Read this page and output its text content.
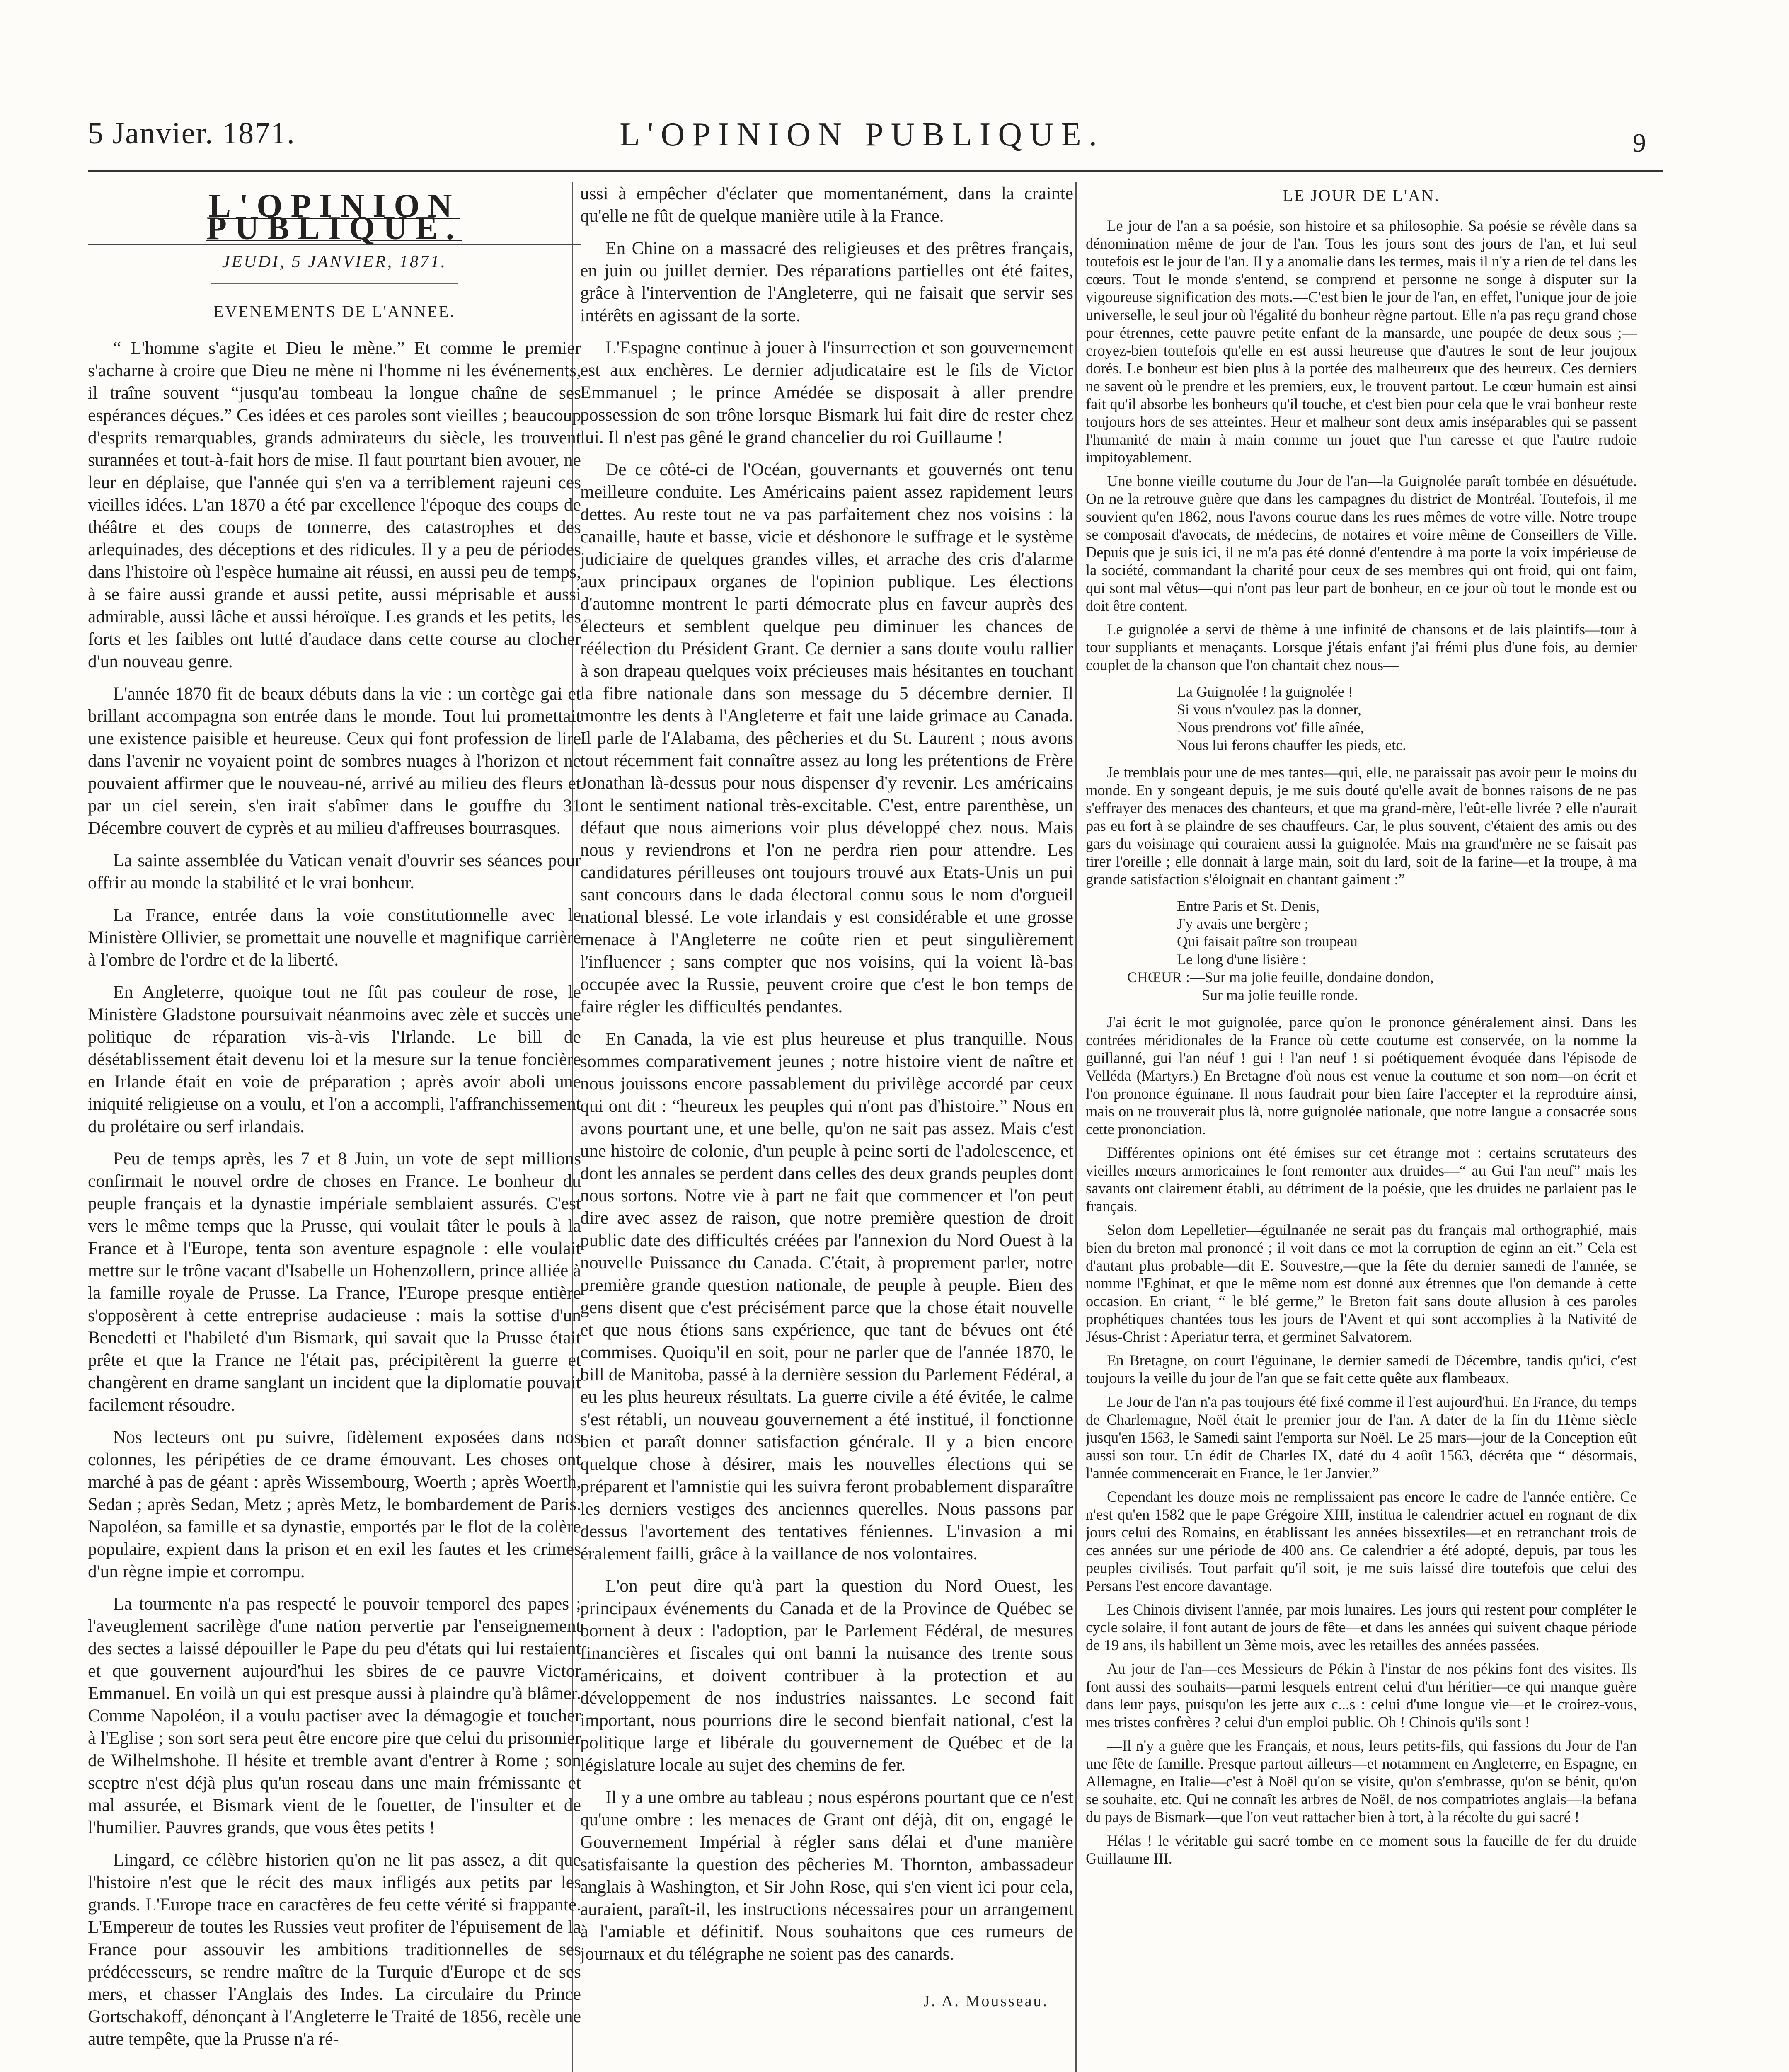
5 Janvier. 1871.	L'OPINION PUBLIQUE.	9
L'OPINION PUBLIQUE.
JEUDI, 5 JANVIER, 1871.
EVENEMENTS DE L'ANNEE.

“ L'homme s'agite et Dieu le mène.” Et comme le premier s'acharne à croire que Dieu ne mène ni l'homme ni les événements, il traîne souvent “jusqu'au tombeau la longue chaîne de ses espérances déçues.” Ces idées et ces paroles sont vieilles ; beaucoup d'esprits remarquables, grands admirateurs du siècle, les trouvent surannées et tout-à-fait hors de mise. Il faut pourtant bien avouer, ne leur en déplaise, que l'année qui s'en va a terriblement rajeuni ces vieilles idées. L'an 1870 a été par excellence l'époque des coups de théâtre et des coups de tonnerre, des catastrophes et des arlequinades, des déceptions et des ridicules. Il y a peu de périodes dans l'histoire où l'espèce humaine ait réussi, en aussi peu de temps, à se faire aussi grande et aussi petite, aussi méprisable et aussi admirable, aussi lâche et aussi héroïque. Les grands et les petits, les forts et les faibles ont lutté d'audace dans cette course au clocher d'un nouveau genre.

L'année 1870 fit de beaux débuts dans la vie : un cortège gai et brillant accompagna son entrée dans le monde. Tout lui promettait une existence paisible et heureuse. Ceux qui font profession de lire dans l'avenir ne voyaient point de sombres nuages à l'horizon et ne pouvaient affirmer que le nouveau-né, arrivé au milieu des fleurs et par un ciel serein, s'en irait s'abîmer dans le gouffre du 31 Décembre couvert de cyprès et au milieu d'affreuses bourrasques.

La sainte assemblée du Vatican venait d'ouvrir ses séances pour offrir au monde la stabilité et le vrai bonheur.

La France, entrée dans la voie constitutionnelle avec le Ministère Ollivier, se promettait une nouvelle et magnifique carrière à l'ombre de l'ordre et de la liberté.

En Angleterre, quoique tout ne fût pas couleur de rose, le Ministère Gladstone poursuivait néanmoins avec zèle et succès une politique de réparation vis-à-vis l'Irlande. Le bill de désétablissement était devenu loi et la mesure sur la tenue foncière en Irlande était en voie de préparation ; après avoir aboli une iniquité religieuse on a voulu, et l'on a accompli, l'affranchissement du prolétaire ou serf irlandais.

Peu de temps après, les 7 et 8 Juin, un vote de sept millions confirmait le nouvel ordre de choses en France. Le bonheur du peuple français et la dynastie impériale semblaient assurés. C'est vers le même temps que la Prusse, qui voulait tâter le pouls à la France et à l'Europe, tenta son aventure espagnole : elle voulait mettre sur le trône vacant d'Isabelle un Hohenzollern, prince alliée à la famille royale de Prusse. La France, l'Europe presque entière s'opposèrent à cette entreprise audacieuse : mais la sottise d'un Benedetti et l'habileté d'un Bismark, qui savait que la Prusse était prête et que la France ne l'était pas, précipitèrent la guerre et changèrent en drame sanglant un incident que la diplomatie pouvait facilement résoudre.

Nos lecteurs ont pu suivre, fidèlement exposées dans nos colonnes, les péripéties de ce drame émouvant. Les choses ont marché à pas de géant : après Wissembourg, Woerth ; après Woerth, Sedan ; après Sedan, Metz ; après Metz, le bombardement de Paris. Napoléon, sa famille et sa dynastie, emportés par le flot de la colère populaire, expient dans la prison et en exil les fautes et les crimes d'un règne impie et corrompu.

La tourmente n'a pas respecté le pouvoir temporel des papes ; l'aveuglement sacrilège d'une nation pervertie par l'enseignement des sectes a laissé dépouiller le Pape du peu d'états qui lui restaient et que gouvernent aujourd'hui les sbires de ce pauvre Victor Emmanuel. En voilà un qui est presque aussi à plaindre qu'à blâmer. Comme Napoléon, il a voulu pactiser avec la démagogie et toucher à l'Eglise ; son sort sera peut être encore pire que celui du prisonnier de Wilhelmshohe. Il hésite et tremble avant d'entrer à Rome ; son sceptre n'est déjà plus qu'un roseau dans une main frémissante et mal assurée, et Bismark vient de le fouetter, de l'insulter et de l'humilier. Pauvres grands, que vous êtes petits !

Lingard, ce célèbre historien qu'on ne lit pas assez, a dit que l'histoire n'est que le récit des maux infligés aux petits par les grands. L'Europe trace en caractères de feu cette vérité si frappante. L'Empereur de toutes les Russies veut profiter de l'épuisement de la France pour assouvir les ambitions traditionnelles de ses prédécesseurs, se rendre maître de la Turquie d'Europe et de ses mers, et chasser l'Anglais des Indes. La circulaire du Prince Gortschakoff, dénonçant à l'Angleterre le Traité de 1856, recèle une autre tempête, que la Prusse n'a ré-

ussi à empêcher d'éclater que momentanément, dans la crainte qu'elle ne fût de quelque manière utile à la France.

En Chine on a massacré des religieuses et des prêtres français, en juin ou juillet dernier. Des réparations partielles ont été faites, grâce à l'intervention de l'Angleterre, qui ne faisait que servir ses intérêts en agissant de la sorte.

L'Espagne continue à jouer à l'insurrection et son gouvernement est aux enchères. Le dernier adjudicataire est le fils de Victor Emmanuel ; le prince Amédée se disposait à aller prendre possession de son trône lorsque Bismark lui fait dire de rester chez lui. Il n'est pas gêné le grand chancelier du roi Guillaume !

De ce côté-ci de l'Océan, gouvernants et gouvernés ont tenu meilleure conduite. Les Américains paient assez rapidement leurs dettes. Au reste tout ne va pas parfaitement chez nos voisins : la canaille, haute et basse, vicie et déshonore le suffrage et le système judiciaire de quelques grandes villes, et arrache des cris d'alarme aux principaux organes de l'opinion publique. Les élections d'automne montrent le parti démocrate plus en faveur auprès des électeurs et semblent quelque peu diminuer les chances de réélection du Président Grant. Ce dernier a sans doute voulu rallier à son drapeau quelques voix précieuses mais hésitantes en touchant la fibre nationale dans son message du 5 décembre dernier. Il montre les dents à l'Angleterre et fait une laide grimace au Canada. Il parle de l'Alabama, des pêcheries et du St. Laurent ; nous avons tout récemment fait connaître assez au long les prétentions de Frère Jonathan là-dessus pour nous dispenser d'y revenir. Les américains ont le sentiment national très-excitable. C'est, entre parenthèse, un défaut que nous aimerions voir plus développé chez nous. Mais nous y reviendrons et l'on ne perdra rien pour attendre. Les candidatures périlleuses ont toujours trouvé aux Etats-Unis un pui sant concours dans le dada électoral connu sous le nom d'orgueil national blessé. Le vote irlandais y est considérable et une grosse menace à l'Angleterre ne coûte rien et peut singulièrement l'influencer ; sans compter que nos voisins, qui la voient là-bas occupée avec la Russie, peuvent croire que c'est le bon temps de faire régler les difficultés pendantes.

En Canada, la vie est plus heureuse et plus tranquille. Nous sommes comparativement jeunes ; notre histoire vient de naître et nous jouissons encore passablement du privilège accordé par ceux qui ont dit : “heureux les peuples qui n'ont pas d'histoire.” Nous en avons pourtant une, et une belle, qu'on ne sait pas assez. Mais c'est une histoire de colonie, d'un peuple à peine sorti de l'adolescence, et dont les annales se perdent dans celles des deux grands peuples dont nous sortons. Notre vie à part ne fait que commencer et l'on peut dire avec assez de raison, que notre première question de droit public date des difficultés créées par l'annexion du Nord Ouest à la nouvelle Puissance du Canada. C'était, à proprement parler, notre première grande question nationale, de peuple à peuple. Bien des gens disent que c'est précisément parce que la chose était nouvelle et que nous étions sans expérience, que tant de bévues ont été commises. Quoiqu'il en soit, pour ne parler que de l'année 1870, le bill de Manitoba, passé à la dernière session du Parlement Fédéral, a eu les plus heureux résultats. La guerre civile a été évitée, le calme s'est rétabli, un nouveau gouvernement a été institué, il fonctionne bien et paraît donner satisfaction générale. Il y a bien encore quelque chose à désirer, mais les nouvelles élections qui se préparent et l'amnistie qui les suivra feront probablement disparaître les derniers vestiges des anciennes querelles. Nous passons par dessus l'avortement des tentatives féniennes. L'invasion a mi éralement failli, grâce à la vaillance de nos volontaires.

L'on peut dire qu'à part la question du Nord Ouest, les principaux événements du Canada et de la Province de Québec se bornent à deux : l'adoption, par le Parlement Fédéral, de mesures financières et fiscales qui ont banni la nuisance des trente sous américains, et doivent contribuer à la protection et au développement de nos industries naissantes. Le second fait important, nous pourrions dire le second bienfait national, c'est la politique large et libérale du gouvernement de Québec et de la législature locale au sujet des chemins de fer.

Il y a une ombre au tableau ; nous espérons pourtant que ce n'est qu'une ombre : les menaces de Grant ont déjà, dit on, engagé le Gouvernement Impérial à régler sans délai et d'une manière satisfaisante la question des pêcheries M. Thornton, ambassadeur anglais à Washington, et Sir John Rose, qui s'en vient ici pour cela, auraient, paraît-il, les instructions nécessaires pour un arrangement à l'amiable et définitif. Nous souhaitons que ces rumeurs de journaux et du télégraphe ne soient pas des canards.

J. A. Mousseau.
LE JOUR DE L'AN.

Le jour de l'an a sa poésie, son histoire et sa philosophie. Sa poésie se révèle dans sa dénomination même de jour de l'an. Tous les jours sont des jours de l'an, et lui seul toutefois est le jour de l'an. Il y a anomalie dans les termes, mais il n'y a rien de tel dans les cœurs. Tout le monde s'entend, se comprend et personne ne songe à disputer sur la vigoureuse signification des mots.—C'est bien le jour de l'an, en effet, l'unique jour de joie universelle, le seul jour où l'égalité du bonheur règne partout. Elle n'a pas reçu grand chose pour étrennes, cette pauvre petite enfant de la mansarde, une poupée de deux sous ;—croyez-bien toutefois qu'elle en est aussi heureuse que d'autres le sont de leur joujoux dorés. Le bonheur est bien plus à la portée des malheureux que des heureux. Ces derniers ne savent où le prendre et les premiers, eux, le trouvent partout. Le cœur humain est ainsi fait qu'il absorbe les bonheurs qu'il touche, et c'est bien pour cela que le vrai bonheur reste toujours hors de ses atteintes. Heur et malheur sont deux amis inséparables qui se passent l'humanité de main à main comme un jouet que l'un caresse et que l'autre rudoie impitoyablement.

Une bonne vieille coutume du Jour de l'an—la Guignolée paraît tombée en désuétude. On ne la retrouve guère que dans les campagnes du district de Montréal. Toutefois, il me souvient qu'en 1862, nous l'avons courue dans les rues mêmes de votre ville. Notre troupe se composait d'avocats, de médecins, de notaires et voire même de Conseillers de Ville. Depuis que je suis ici, il ne m'a pas été donné d'entendre à ma porte la voix impérieuse de la société, commandant la charité pour ceux de ses membres qui ont froid, qui ont faim, qui sont mal vêtus—qui n'ont pas leur part de bonheur, en ce jour où tout le monde est ou doit être content.

Le guignolée a servi de thème à une infinité de chansons et de lais plaintifs—tour à tour suppliants et menaçants. Lorsque j'étais enfant j'ai frémi plus d'une fois, au dernier couplet de la chanson que l'on chantait chez nous—

La Guignolée ! la guignolée !
Si vous n'voulez pas la donner,
Nous prendrons vot' fille aînée,
Nous lui ferons chauffer les pieds, etc.

Je tremblais pour une de mes tantes—qui, elle, ne paraissait pas avoir peur le moins du monde. En y songeant depuis, je me suis douté qu'elle avait de bonnes raisons de ne pas s'effrayer des menaces des chanteurs, et que ma grand-mère, l'eût-elle livrée ? elle n'aurait pas eu fort à se plaindre de ses chauffeurs. Car, le plus souvent, c'étaient des amis ou des gars du voisinage qui couraient aussi la guignolée. Mais ma grand'mère ne se faisait pas tirer l'oreille ; elle donnait à large main, soit du lard, soit de la farine—et la troupe, à ma grande satisfaction s'éloignait en chantant gaiment :”

Entre Paris et St. Denis,
J'y avais une bergère ;
Qui faisait paître son troupeau
Le long d'une lisière :
CHŒUR :—Sur ma jolie feuille, dondaine dondon,
Sur ma jolie feuille ronde.

J'ai écrit le mot guignolée, parce qu'on le prononce généralement ainsi. Dans les contrées méridionales de la France où cette coutume est conservée, on la nomme la guillanné, gui l'an néuf ! gui ! l'an neuf ! si poétiquement évoquée dans l'épisode de Velléda (Martyrs.) En Bretagne d'où nous est venue la coutume et son nom—on écrit et l'on prononce éguinane. Il nous faudrait pour bien faire l'accepter et la reproduire ainsi, mais on ne trouverait plus là, notre guignolée nationale, que notre langue a consacrée sous cette prononciation.

Différentes opinions ont été émises sur cet étrange mot : certains scrutateurs des vieilles mœurs armoricaines le font remonter aux druides—“ au Gui l'an neuf” mais les savants ont clairement établi, au détriment de la poésie, que les druides ne parlaient pas le français.

Selon dom Lepelletier—éguilnanée ne serait pas du français mal orthographié, mais bien du breton mal prononcé ; il voit dans ce mot la corruption de eginn an eit.” Cela est d'autant plus probable—dit E. Souvestre,—que la fête du dernier samedi de l'année, se nomme l'Eghinat, et que le même nom est donné aux étrennes que l'on demande à cette occasion. En criant, “ le blé germe,” le Breton fait sans doute allusion à ces paroles prophétiques chantées tous les jours de l'Avent et qui sont accomplies à la Nativité de Jésus-Christ : Aperiatur terra, et germinet Salvatorem.

En Bretagne, on court l'éguinane, le dernier samedi de Décembre, tandis qu'ici, c'est toujours la veille du jour de l'an que se fait cette quête aux flambeaux.

Le Jour de l'an n'a pas toujours été fixé comme il l'est aujourd'hui. En France, du temps de Charlemagne, Noël était le premier jour de l'an. A dater de la fin du 11ème siècle jusqu'en 1563, le Samedi saint l'emporta sur Noël. Le 25 mars—jour de la Conception eût aussi son tour. Un édit de Charles IX, daté du 4 août 1563, décréta que “ désormais, l'année commencerait en France, le 1er Janvier.”

Cependant les douze mois ne remplissaient pas encore le cadre de l'année entière. Ce n'est qu'en 1582 que le pape Grégoire XIII, institua le calendrier actuel en rognant de dix jours celui des Romains, en établissant les années bissextiles—et en retranchant trois de ces années sur une période de 400 ans. Ce calendrier a été adopté, depuis, par tous les peuples civilisés. Tout parfait qu'il soit, je me suis laissé dire toutefois que celui des Persans l'est encore davantage.

Les Chinois divisent l'année, par mois lunaires. Les jours qui restent pour compléter le cycle solaire, il font autant de jours de fête—et dans les années qui suivent chaque période de 19 ans, ils habillent un 3ème mois, avec les retailles des années passées.

Au jour de l'an—ces Messieurs de Pékin à l'instar de nos pékins font des visites. Ils font aussi des souhaits—parmi lesquels entrent celui d'un héritier—ce qui manque guère dans leur pays, puisqu'on les jette aux c...s : celui d'une longue vie—et le croirez-vous, mes tristes confrères ? celui d'un emploi public. Oh ! Chinois qu'ils sont !

—Il n'y a guère que les Français, et nous, leurs petits-fils, qui fassions du Jour de l'an une fête de famille. Presque partout ailleurs—et notamment en Angleterre, en Espagne, en Allemagne, en Italie—c'est à Noël qu'on se visite, qu'on s'embrasse, qu'on se bénit, qu'on se souhaite, etc. Qui ne connaît les arbres de Noël, de nos compatriotes anglais—la befana du pays de Bismark—que l'on veut rattacher bien à tort, à la récolte du gui sacré !

Hélas ! le véritable gui sacré tombe en ce moment sous la faucille de fer du druide Guillaume III.
